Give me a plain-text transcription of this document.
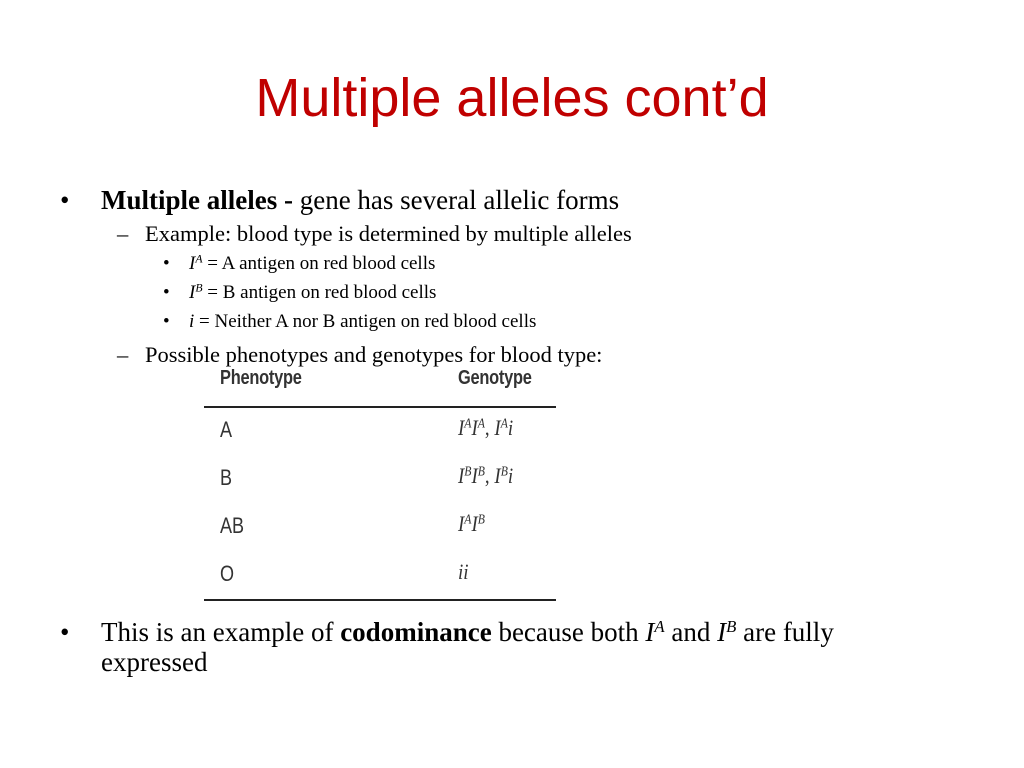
Multiple alleles cont’d
• Multiple alleles - gene has several allelic forms
– Example: blood type is determined by multiple alleles
• $I^A = A$ antigen on red blood cells
• $I^B = B$ antigen on red blood cells
• i = Neither A nor B antigen on red blood cells
– Possible phenotypes and genotypes for blood type:
Phenotype	Genotype
A	$I^AI^A$, $I^Ai$
B	$I^BI^B$, $I^Bi$
AB	$I^AI^B$
O	ii
• This is an example of codominance because both $I^A$ and $I^B$ are fully
expressed
